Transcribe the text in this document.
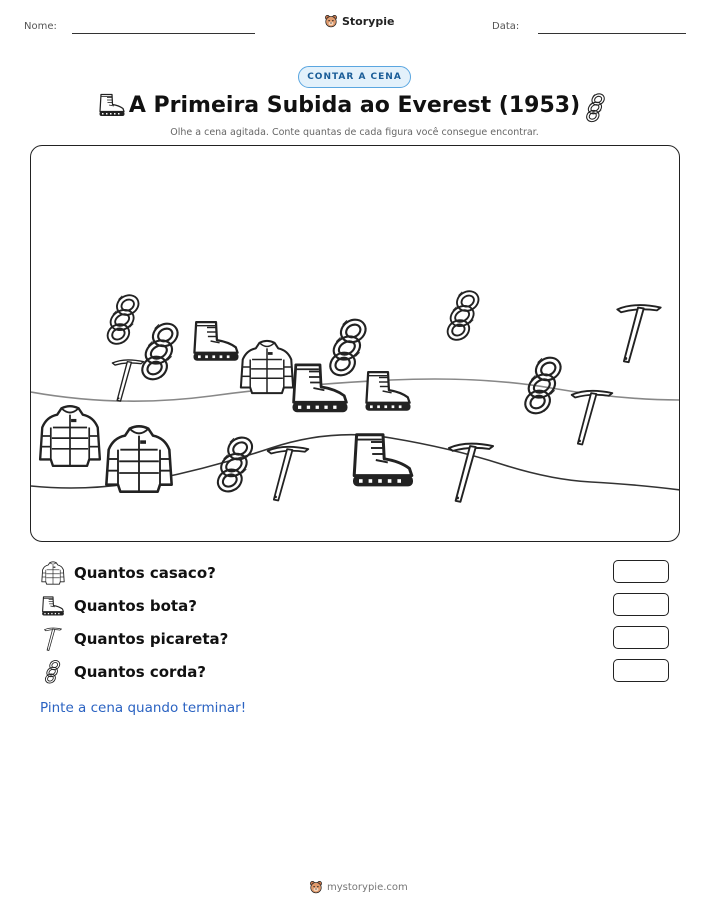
Nome:	Storypie	Data:
CONTAR A CENA
A Primeira Subida ao Everest (1953)
Olhe a cena agitada. Conte quantas de cada figura você consegue encontrar.
Quantos casaco?
Quantos bota?
Quantos picareta?
Quantos corda?
Pinte a cena quando terminar!
mystorypie.com
